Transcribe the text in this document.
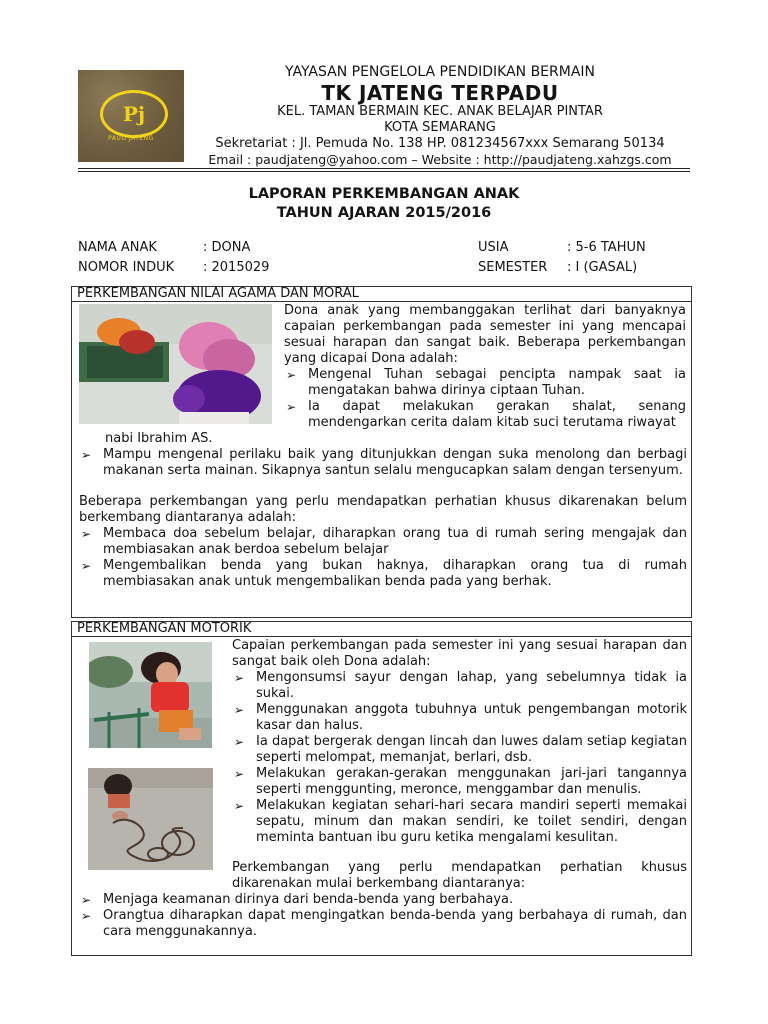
Pj
PAUD JATENG
YAYASAN PENGELOLA PENDIDIKAN BERMAIN
TK JATENG TERPADU
KEL. TAMAN BERMAIN KEC. ANAK BELAJAR PINTAR
KOTA SEMARANG
Sekretariat : Jl. Pemuda No. 138 HP. 081234567xxx Semarang 50134
Email : paudjateng@yahoo.com – Website : http://paudjateng.xahzgs.com
LAPORAN PERKEMBANGAN ANAK
TAHUN AJARAN 2015/2016
NAMA ANAK	: DONA
NOMOR INDUK : 2015029
USIA	: 5-6 TAHUN
SEMESTER : I (GASAL)
PERKEMBANGAN NILAI AGAMA DAN MORAL
Dona anak yang membanggakan terlihat dari banyaknya capaian perkembangan pada semester ini yang mencapai sesuai harapan dan sangat baik. Beberapa perkembangan yang dicapai Dona adalah:
➢ Mengenal Tuhan sebagai pencipta nampak saat ia mengatakan bahwa dirinya ciptaan Tuhan.
➢ Ia dapat melakukan gerakan shalat, senang mendengarkan cerita dalam kitab suci terutama riwayat
nabi Ibrahim AS.
➢ Mampu mengenal perilaku baik yang ditunjukkan dengan suka menolong dan berbagi makanan serta mainan. Sikapnya santun selalu mengucapkan salam dengan tersenyum.
Beberapa perkembangan yang perlu mendapatkan perhatian khusus dikarenakan belum berkembang diantaranya adalah:
➢ Membaca doa sebelum belajar, diharapkan orang tua di rumah sering mengajak dan membiasakan anak berdoa sebelum belajar
➢ Mengembalikan benda yang bukan haknya, diharapkan orang tua di rumah membiasakan anak untuk mengembalikan benda pada yang berhak.
PERKEMBANGAN MOTORIK
Capaian perkembangan pada semester ini yang sesuai harapan dan sangat baik oleh Dona adalah:
➢ Mengonsumsi sayur dengan lahap, yang sebelumnya tidak ia sukai.
➢ Menggunakan anggota tubuhnya untuk pengembangan motorik kasar dan halus.
➢ Ia dapat bergerak dengan lincah dan luwes dalam setiap kegiatan seperti melompat, memanjat, berlari, dsb.
➢ Melakukan gerakan-gerakan menggunakan jari-jari tangannya seperti menggunting, meronce, menggambar dan menulis.
➢ Melakukan kegiatan sehari-hari secara mandiri seperti memakai sepatu, minum dan makan sendiri, ke toilet sendiri, dengan meminta bantuan ibu guru ketika mengalami kesulitan.
Perkembangan yang perlu mendapatkan perhatian khusus dikarenakan mulai berkembang diantaranya:
➢ Menjaga keamanan dirinya dari benda-benda yang berbahaya.
➢ Orangtua diharapkan dapat mengingatkan benda-benda yang berbahaya di rumah, dan cara menggunakannya.
